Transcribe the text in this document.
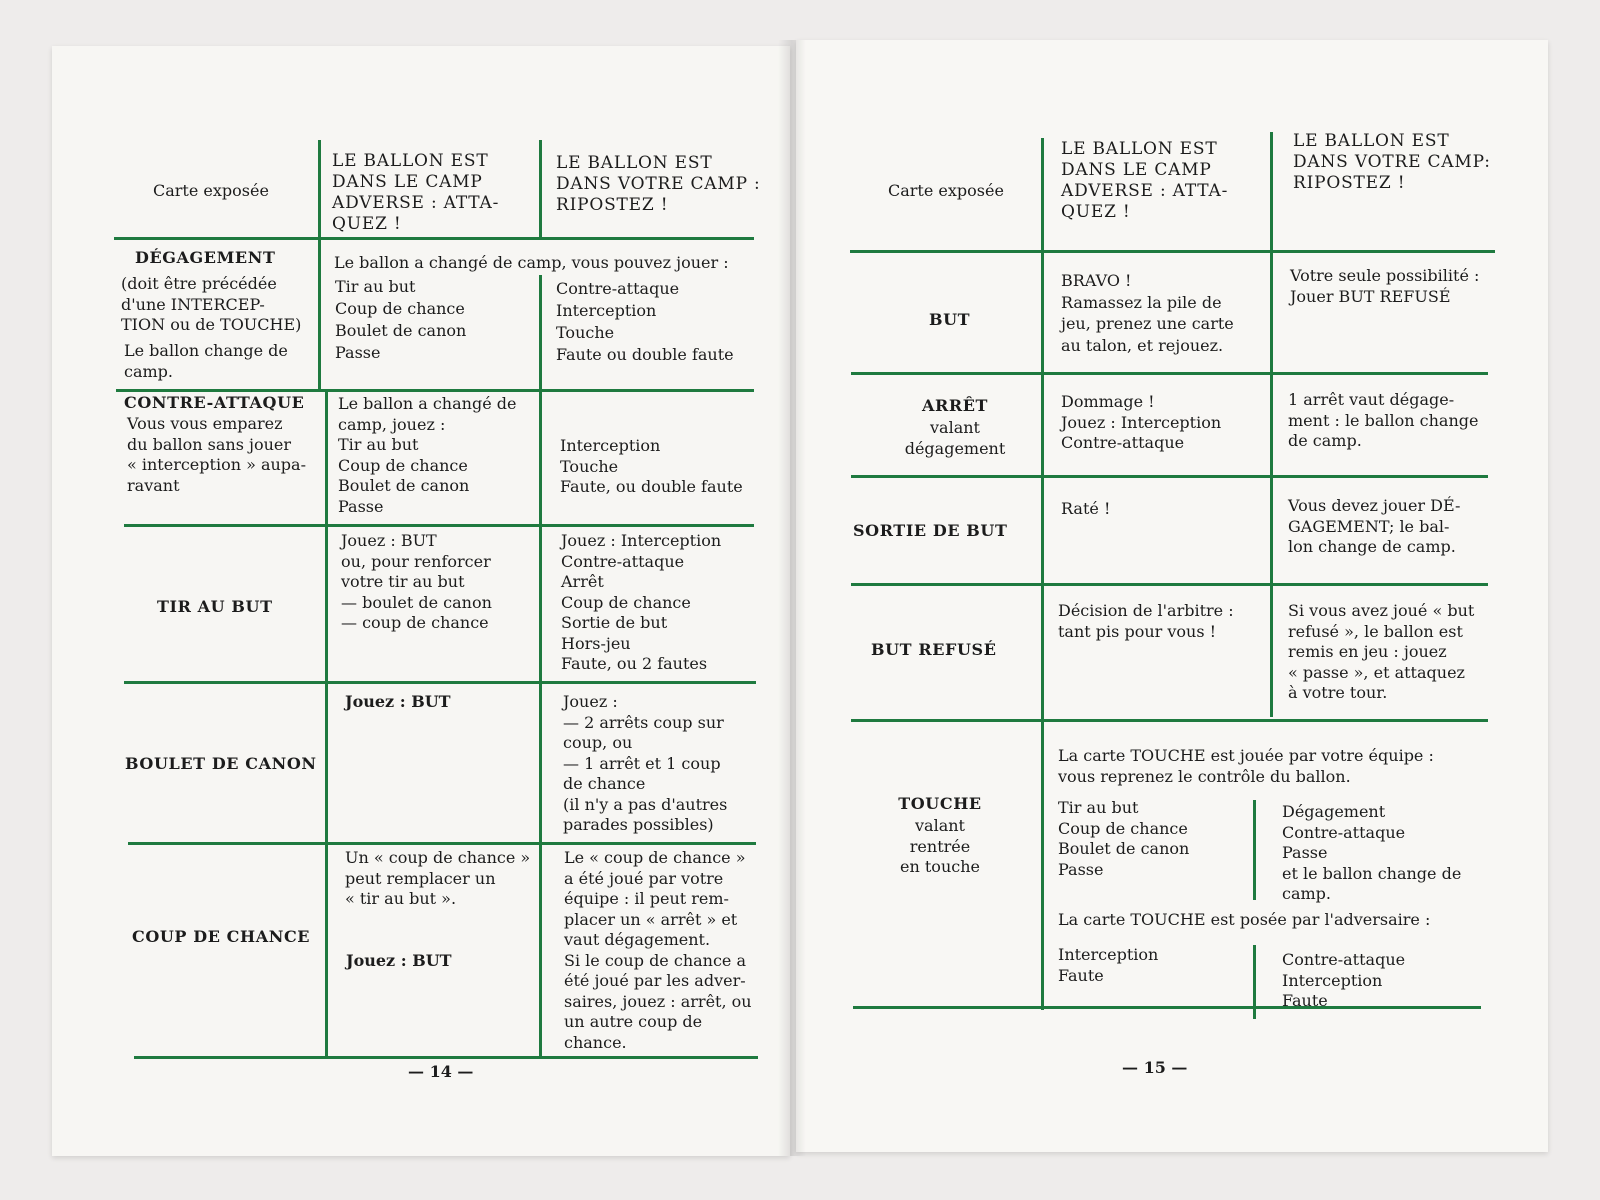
Carte exposée
LE BALLON EST
DANS LE CAMP
ADVERSE : ATTA-
QUEZ !
LE BALLON EST
DANS VOTRE CAMP :
RIPOSTEZ !
DÉGAGEMENT
(doit être précédée
d'une INTERCEP-
TION ou de TOUCHE)
Le ballon change de
camp.
Le ballon a changé de camp, vous pouvez jouer :
Tir au but
Coup de chance
Boulet de canon
Passe
Contre-attaque
Interception
Touche
Faute ou double faute
CONTRE-ATTAQUE
Vous vous emparez
du ballon sans jouer
« interception » aupa-
ravant
Le ballon a changé de
camp, jouez :
Tir au but
Coup de chance
Boulet de canon
Passe
Interception
Touche
Faute, ou double faute
TIR AU BUT
Jouez : BUT
ou, pour renforcer
votre tir au but
— boulet de canon
— coup de chance
Jouez : Interception
Contre-attaque
Arrêt
Coup de chance
Sortie de but
Hors-jeu
Faute, ou 2 fautes
BOULET DE CANON
Jouez : BUT	Jouez :
— 2 arrêts coup sur
coup, ou
— 1 arrêt et 1 coup
de chance
(il n'y a pas d'autres
parades possibles)
COUP DE CHANCE
Un « coup de chance »
peut remplacer un
« tir au but ».
Jouez : BUT
Le « coup de chance »
a été joué par votre
équipe : il peut rem-
placer un « arrêt » et
vaut dégagement.
Si le coup de chance a
été joué par les adver-
saires, jouez : arrêt, ou
un autre coup de
chance.
— 14 —
Carte exposée
LE BALLON EST
DANS LE CAMP
ADVERSE : ATTA-
QUEZ !
LE BALLON EST
DANS VOTRE CAMP:
RIPOSTEZ !
BUT
BRAVO !
Ramassez la pile de
jeu, prenez une carte
au talon, et rejouez.
Votre seule possibilité :
Jouer BUT REFUSÉ
ARRÊT
valant
dégagement
Dommage !
Jouez : Interception
Contre-attaque
1 arrêt vaut dégage-
ment : le ballon change
de camp.
SORTIE DE BUT
Raté !	Vous devez jouer DÉ-
GAGEMENT; le bal-
lon change de camp.
BUT REFUSÉ
Décision de l'arbitre :
tant pis pour vous !
Si vous avez joué « but
refusé », le ballon est
remis en jeu : jouez
« passe », et attaquez
à votre tour.
TOUCHE
valant
rentrée
en touche
La carte TOUCHE est jouée par votre équipe :
vous reprenez le contrôle du ballon.
Tir au but
Coup de chance
Boulet de canon
Passe
Dégagement
Contre-attaque
Passe
et le ballon change de
camp.
La carte TOUCHE est posée par l'adversaire :
Interception
Faute
Contre-attaque
Interception
Faute
— 15 —
